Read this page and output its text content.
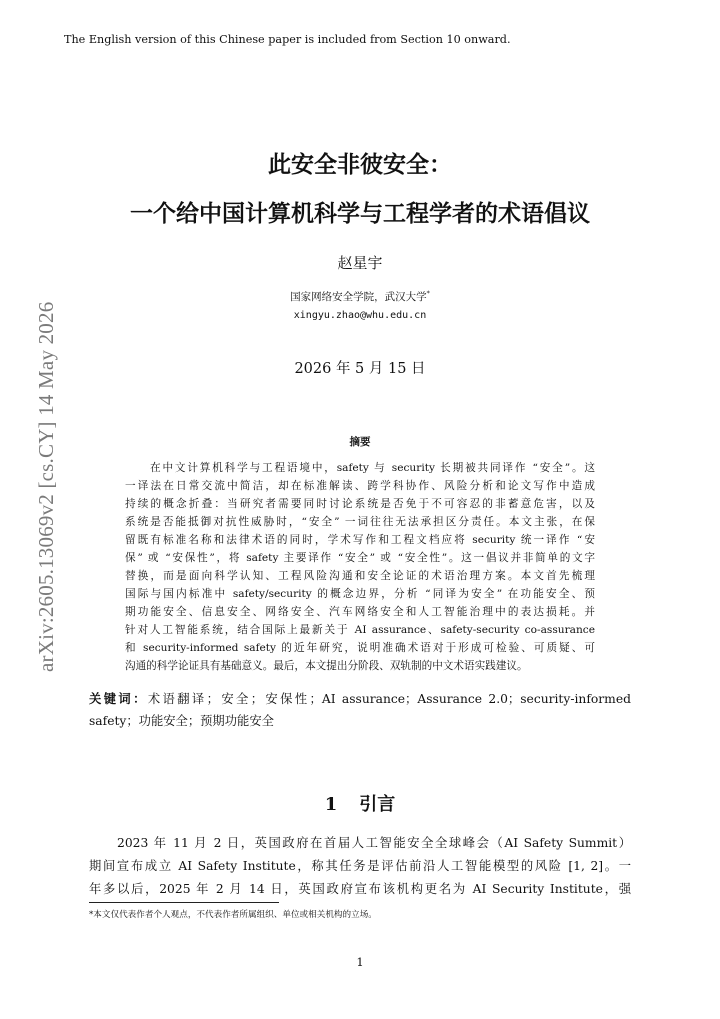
The English version of this Chinese paper is included from Section 10 onward.
arXiv:2605.13069v2 [cs.CY] 14 May 2026
此安全非彼安全：
一个给中国计算机科学与工程学者的术语倡议
赵星宇
国家网络安全学院，武汉大学*
xingyu.zhao@whu.edu.cn
2026 年 5 月 15 日
摘要
在中文计算机科学与工程语境中，safety 与 security 长期被共同译作 “安全”。这
一译法在日常交流中简洁，却在标准解读、跨学科协作、风险分析和论文写作中造成
持续的概念折叠：当研究者需要同时讨论系统是否免于不可容忍的非蓄意危害，以及
系统是否能抵御对抗性威胁时，“安全” 一词往往无法承担区分责任。本文主张，在保
留既有标准名称和法律术语的同时，学术写作和工程文档应将 security 统一译作 “安
保” 或 “安保性”，将 safety 主要译作 “安全” 或 “安全性”。这一倡议并非简单的文字
替换，而是面向科学认知、工程风险沟通和安全论证的术语治理方案。本文首先梳理
国际与国内标准中 safety/security 的概念边界，分析 “同译为安全” 在功能安全、预
期功能安全、信息安全、网络安全、汽车网络安全和人工智能治理中的表达损耗。并
针对人工智能系统，结合国际上最新关于 AI assurance、safety-security co-assurance
和 security-informed safety 的近年研究，说明准确术语对于形成可检验、可质疑、可
沟通的科学论证具有基础意义。最后，本文提出分阶段、双轨制的中文术语实践建议。
关键词：术语翻译；安全；安保性；AI assurance；Assurance 2.0；security-informed
safety；功能安全；预期功能安全
1 引言
2023 年 11 月 2 日，英国政府在首届人工智能安全全球峰会（AI Safety Summit）
期间宣布成立 AI Safety Institute，称其任务是评估前沿人工智能模型的风险 [1, 2]。一
年多以后，2025 年 2 月 14 日，英国政府宣布该机构更名为 AI Security Institute，强
*本文仅代表作者个人观点，不代表作者所属组织、单位或相关机构的立场。
1
